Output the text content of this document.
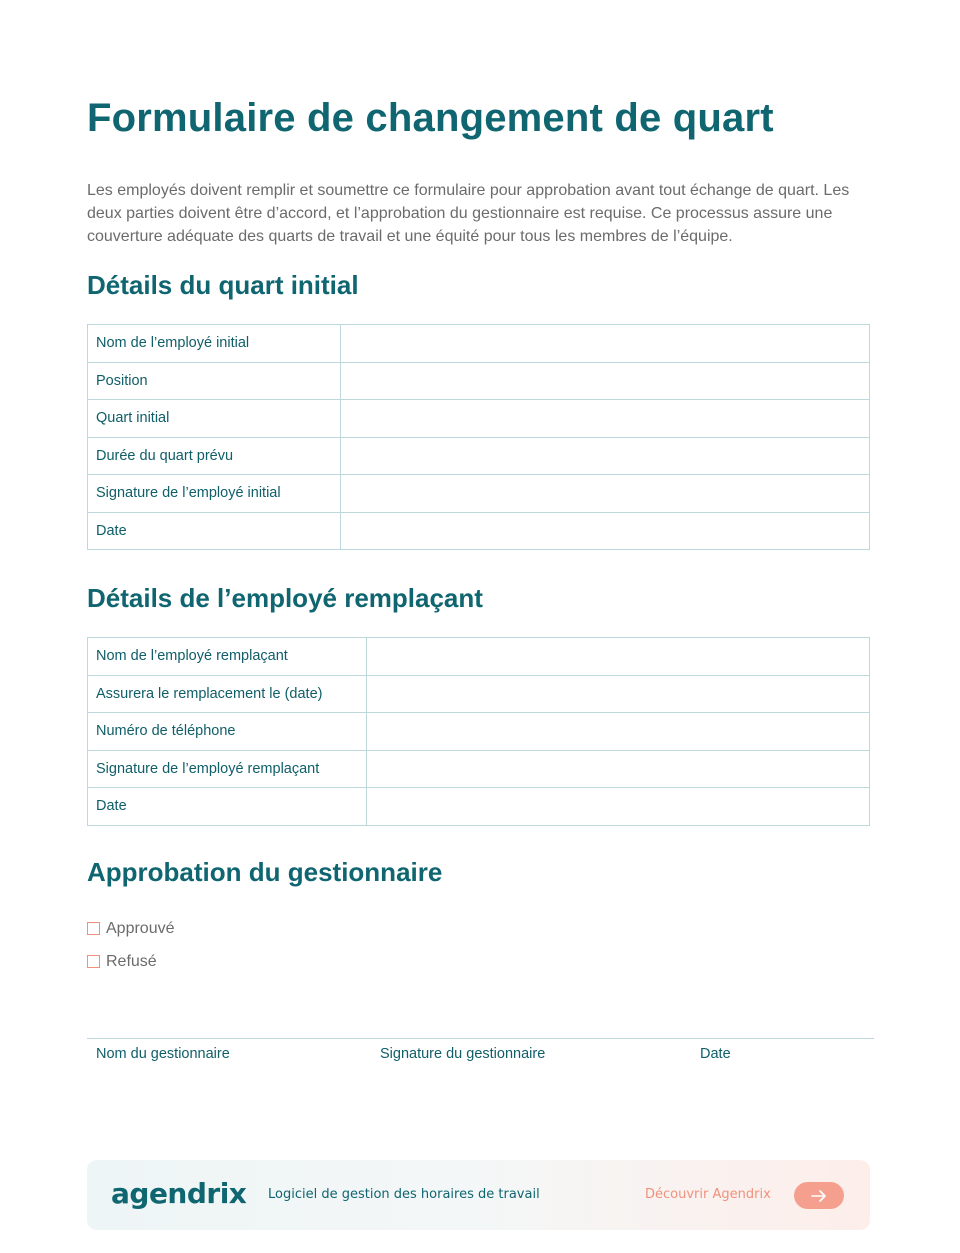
Formulaire de changement de quart

Les employés doivent remplir et soumettre ce formulaire pour approbation avant tout échange de quart. Les deux parties doivent être d’accord, et l’approbation du gestionnaire est requise. Ce processus assure une couverture adéquate des quarts de travail et une équité pour tous les membres de l’équipe.

Détails du quart initial
Nom de l’employé initial	
Position	
Quart initial	
Durée du quart prévu	
Signature de l’employé initial	
Date	
Détails de l’employé remplaçant
Nom de l’employé remplaçant	
Assurera le remplacement le (date)	
Numéro de téléphone	
Signature de l’employé remplaçant	
Date	
Approbation du gestionnaire
Approuvé
Refusé
Nom du gestionnaire	Signature du gestionnaire	Date
agendrix Logiciel de gestion des horaires de travail	Découvrir Agendrix
